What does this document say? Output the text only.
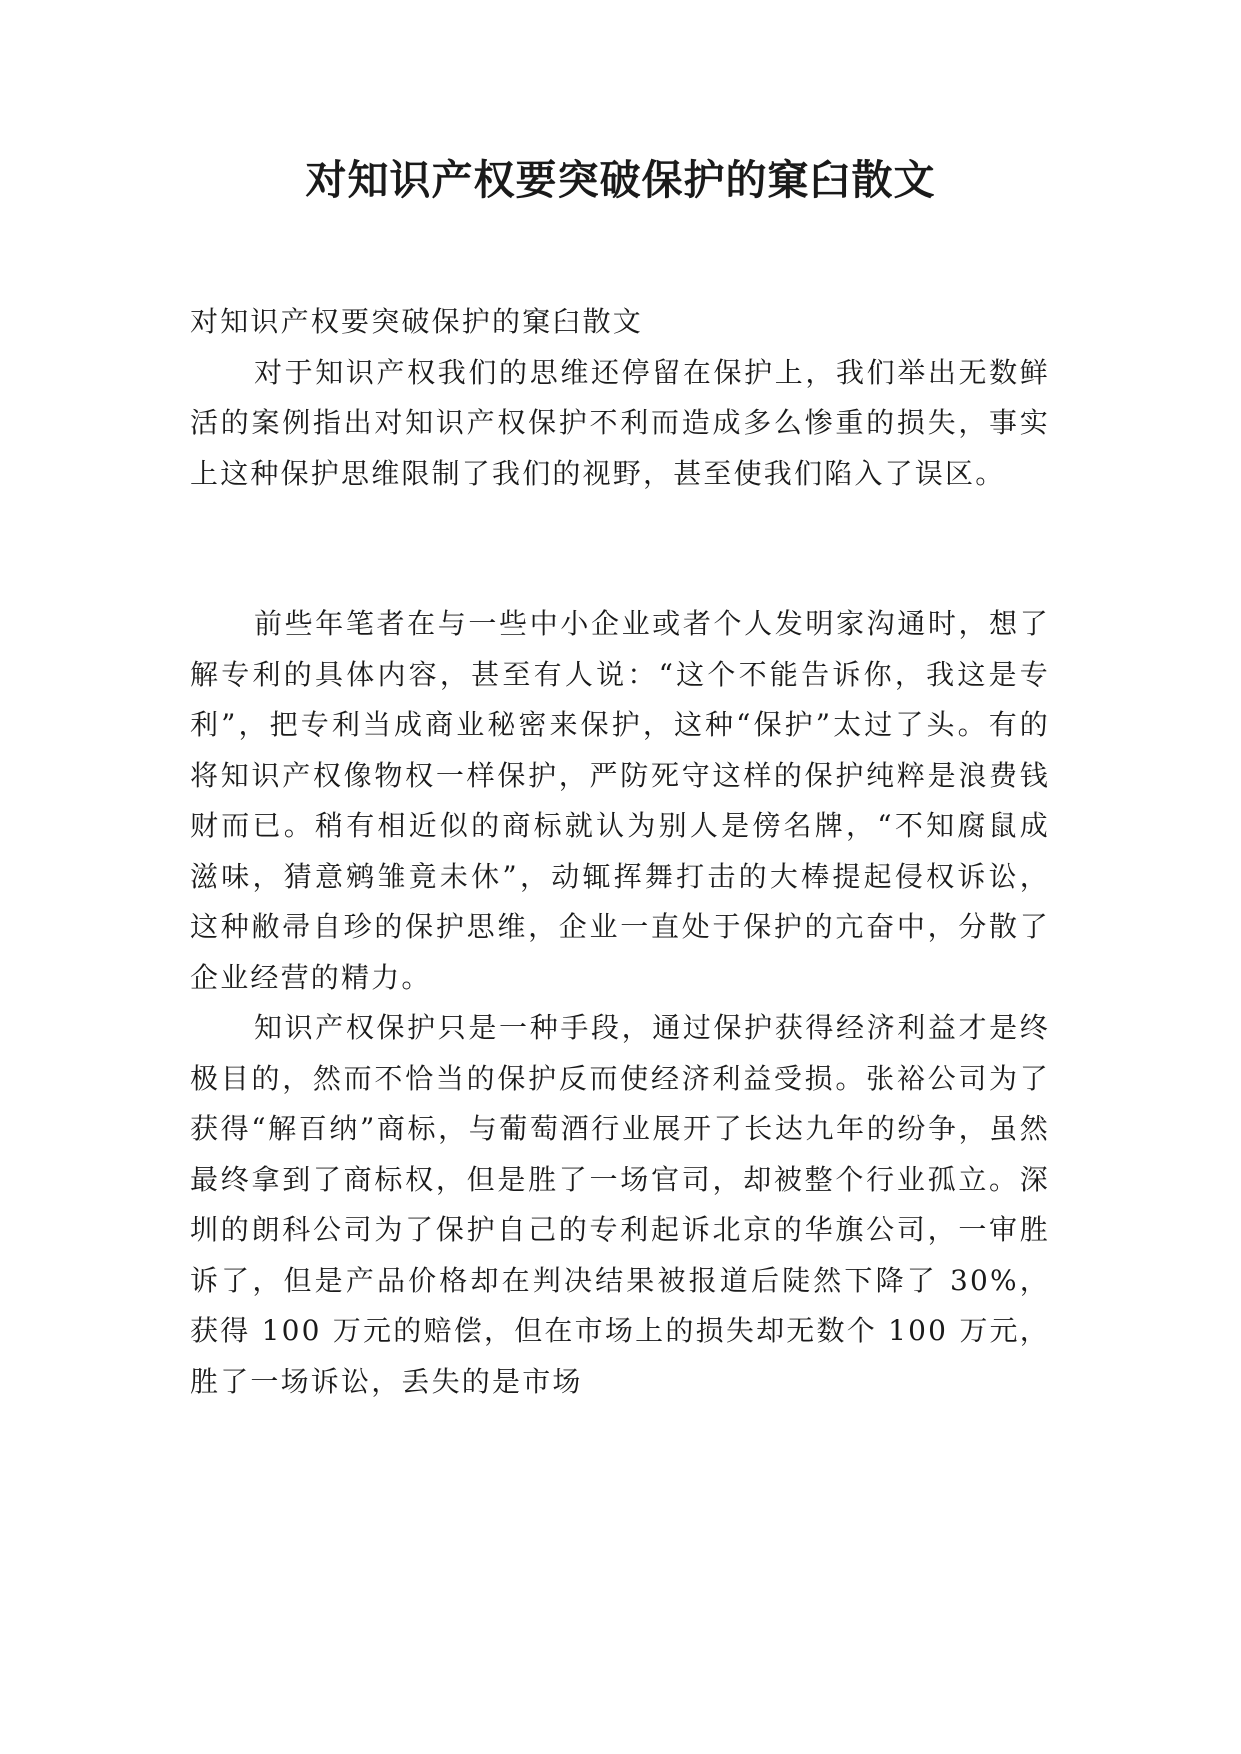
对知识产权要突破保护的窠臼散文

对知识产权要突破保护的窠臼散文

对于知识产权我们的思维还停留在保护上，我们举出无数鲜活的案例指出对知识产权保护不利而造成多么惨重的损失，事实上这种保护思维限制了我们的视野，甚至使我们陷入了误区。

前些年笔者在与一些中小企业或者个人发明家沟通时，想了解专利的具体内容，甚至有人说：“这个不能告诉你，我这是专利”，把专利当成商业秘密来保护，这种“保护”太过了头。有的将知识产权像物权一样保护，严防死守这样的保护纯粹是浪费钱财而已。稍有相近似的商标就认为别人是傍名牌，“不知腐鼠成滋味，猜意鹓雏竟未休”，动辄挥舞打击的大棒提起侵权诉讼，这种敝帚自珍的保护思维，企业一直处于保护的亢奋中，分散了企业经营的精力。

知识产权保护只是一种手段，通过保护获得经济利益才是终极目的，然而不恰当的保护反而使经济利益受损。张裕公司为了获得“解百纳”商标，与葡萄酒行业展开了长达九年的纷争，虽然最终拿到了商标权，但是胜了一场官司，却被整个行业孤立。深圳的朗科公司为了保护自己的专利起诉北京的华旗公司，一审胜诉了，但是产品价格却在判决结果被报道后陡然下降了 30%，获得 100 万元的赔偿，但在市场上的损失却无数个 100 万元，胜了一场诉讼，丢失的是市场
